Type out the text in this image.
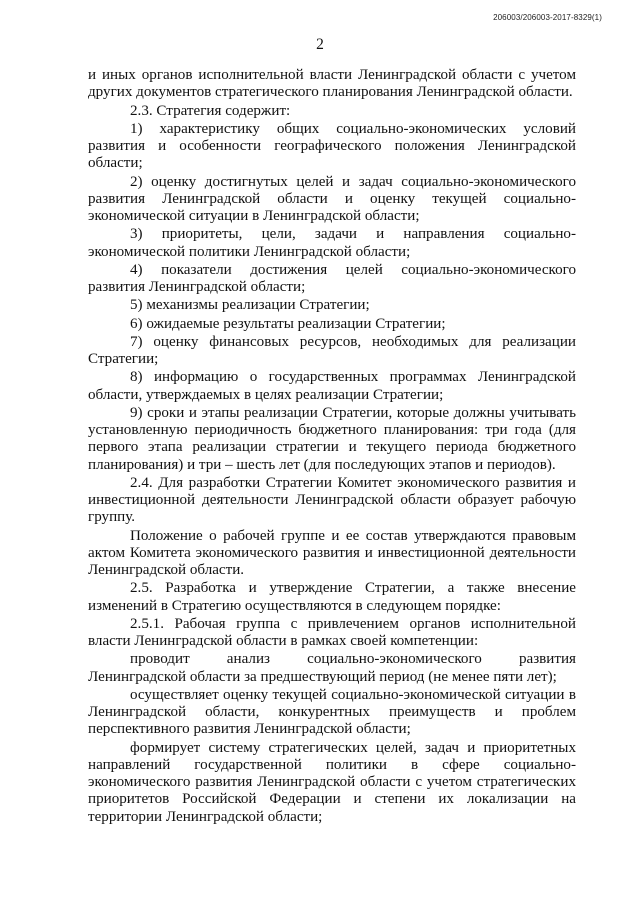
206003/206003-2017-8329(1)
2

и иных органов исполнительной власти Ленинградской области с учетом других документов стратегического планирования Ленинградской области.

2.3. Стратегия содержит:

1) характеристику общих социально-экономических условий развития и особенности географического положения Ленинградской области;

2) оценку достигнутых целей и задач социально-экономического развития Ленинградской области и оценку текущей социально-экономической ситуации в Ленинградской области;

3) приоритеты, цели, задачи и направления социально-экономической политики Ленинградской области;

4) показатели достижения целей социально-экономического развития Ленинградской области;

5) механизмы реализации Стратегии;

6) ожидаемые результаты реализации Стратегии;

7) оценку финансовых ресурсов, необходимых для реализации Стратегии;

8) информацию о государственных программах Ленинградской области, утверждаемых в целях реализации Стратегии;

9) сроки и этапы реализации Стратегии, которые должны учитывать установленную периодичность бюджетного планирования: три года (для первого этапа реализации стратегии и текущего периода бюджетного планирования) и три – шесть лет (для последующих этапов и периодов).

2.4. Для разработки Стратегии Комитет экономического развития и инвестиционной деятельности Ленинградской области образует рабочую группу.

Положение о рабочей группе и ее состав утверждаются правовым актом Комитета экономического развития и инвестиционной деятельности Ленинградской области.

2.5. Разработка и утверждение Стратегии, а также внесение изменений в Стратегию осуществляются в следующем порядке:

2.5.1. Рабочая группа с привлечением органов исполнительной власти Ленинградской области в рамках своей компетенции:

проводит анализ социально-экономического развития Ленинградской области за предшествующий период (не менее пяти лет);

осуществляет оценку текущей социально-экономической ситуации в Ленинградской области, конкурентных преимуществ и проблем перспективного развития Ленинградской области;

формирует систему стратегических целей, задач и приоритетных направлений государственной политики в сфере социально-экономического развития Ленинградской области с учетом стратегических приоритетов Российской Федерации и степени их локализации на территории Ленинградской области;
